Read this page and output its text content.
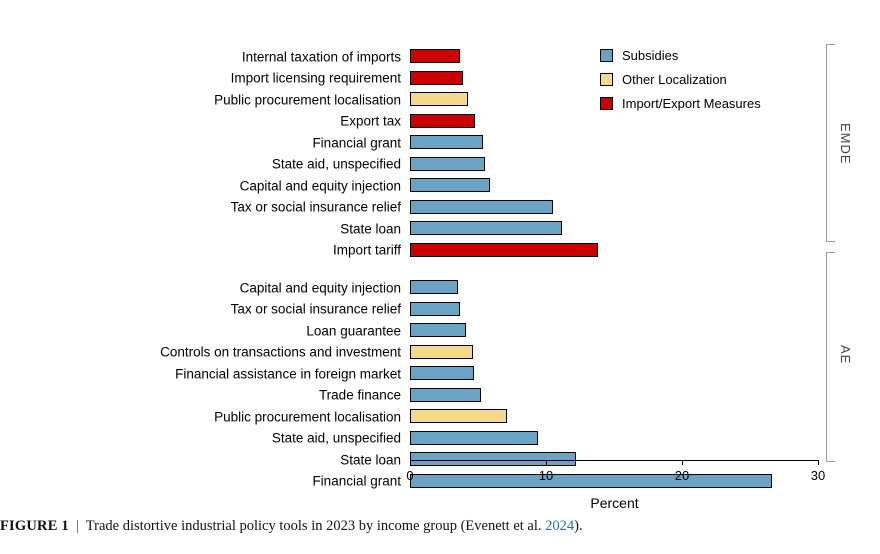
Internal taxation of imports
Import licensing requirement
Public procurement localisation
Export tax
Financial grant
State aid, unspecified
Capital and equity injection
Tax or social insurance relief
State loan
Import tariff
Capital and equity injection
Tax or social insurance relief
Loan guarantee
Controls on transactions and investment
Financial assistance in foreign market
Trade finance
Public procurement localisation
State aid, unspecified
State loan
Financial grant 0	10	20	30
Percent
EMDE
AE
Subsidies
Other Localization
Import/Export Measures
FIGURE 1 | Trade distortive industrial policy tools in 2023 by income group (Evenett et al. 2024).
